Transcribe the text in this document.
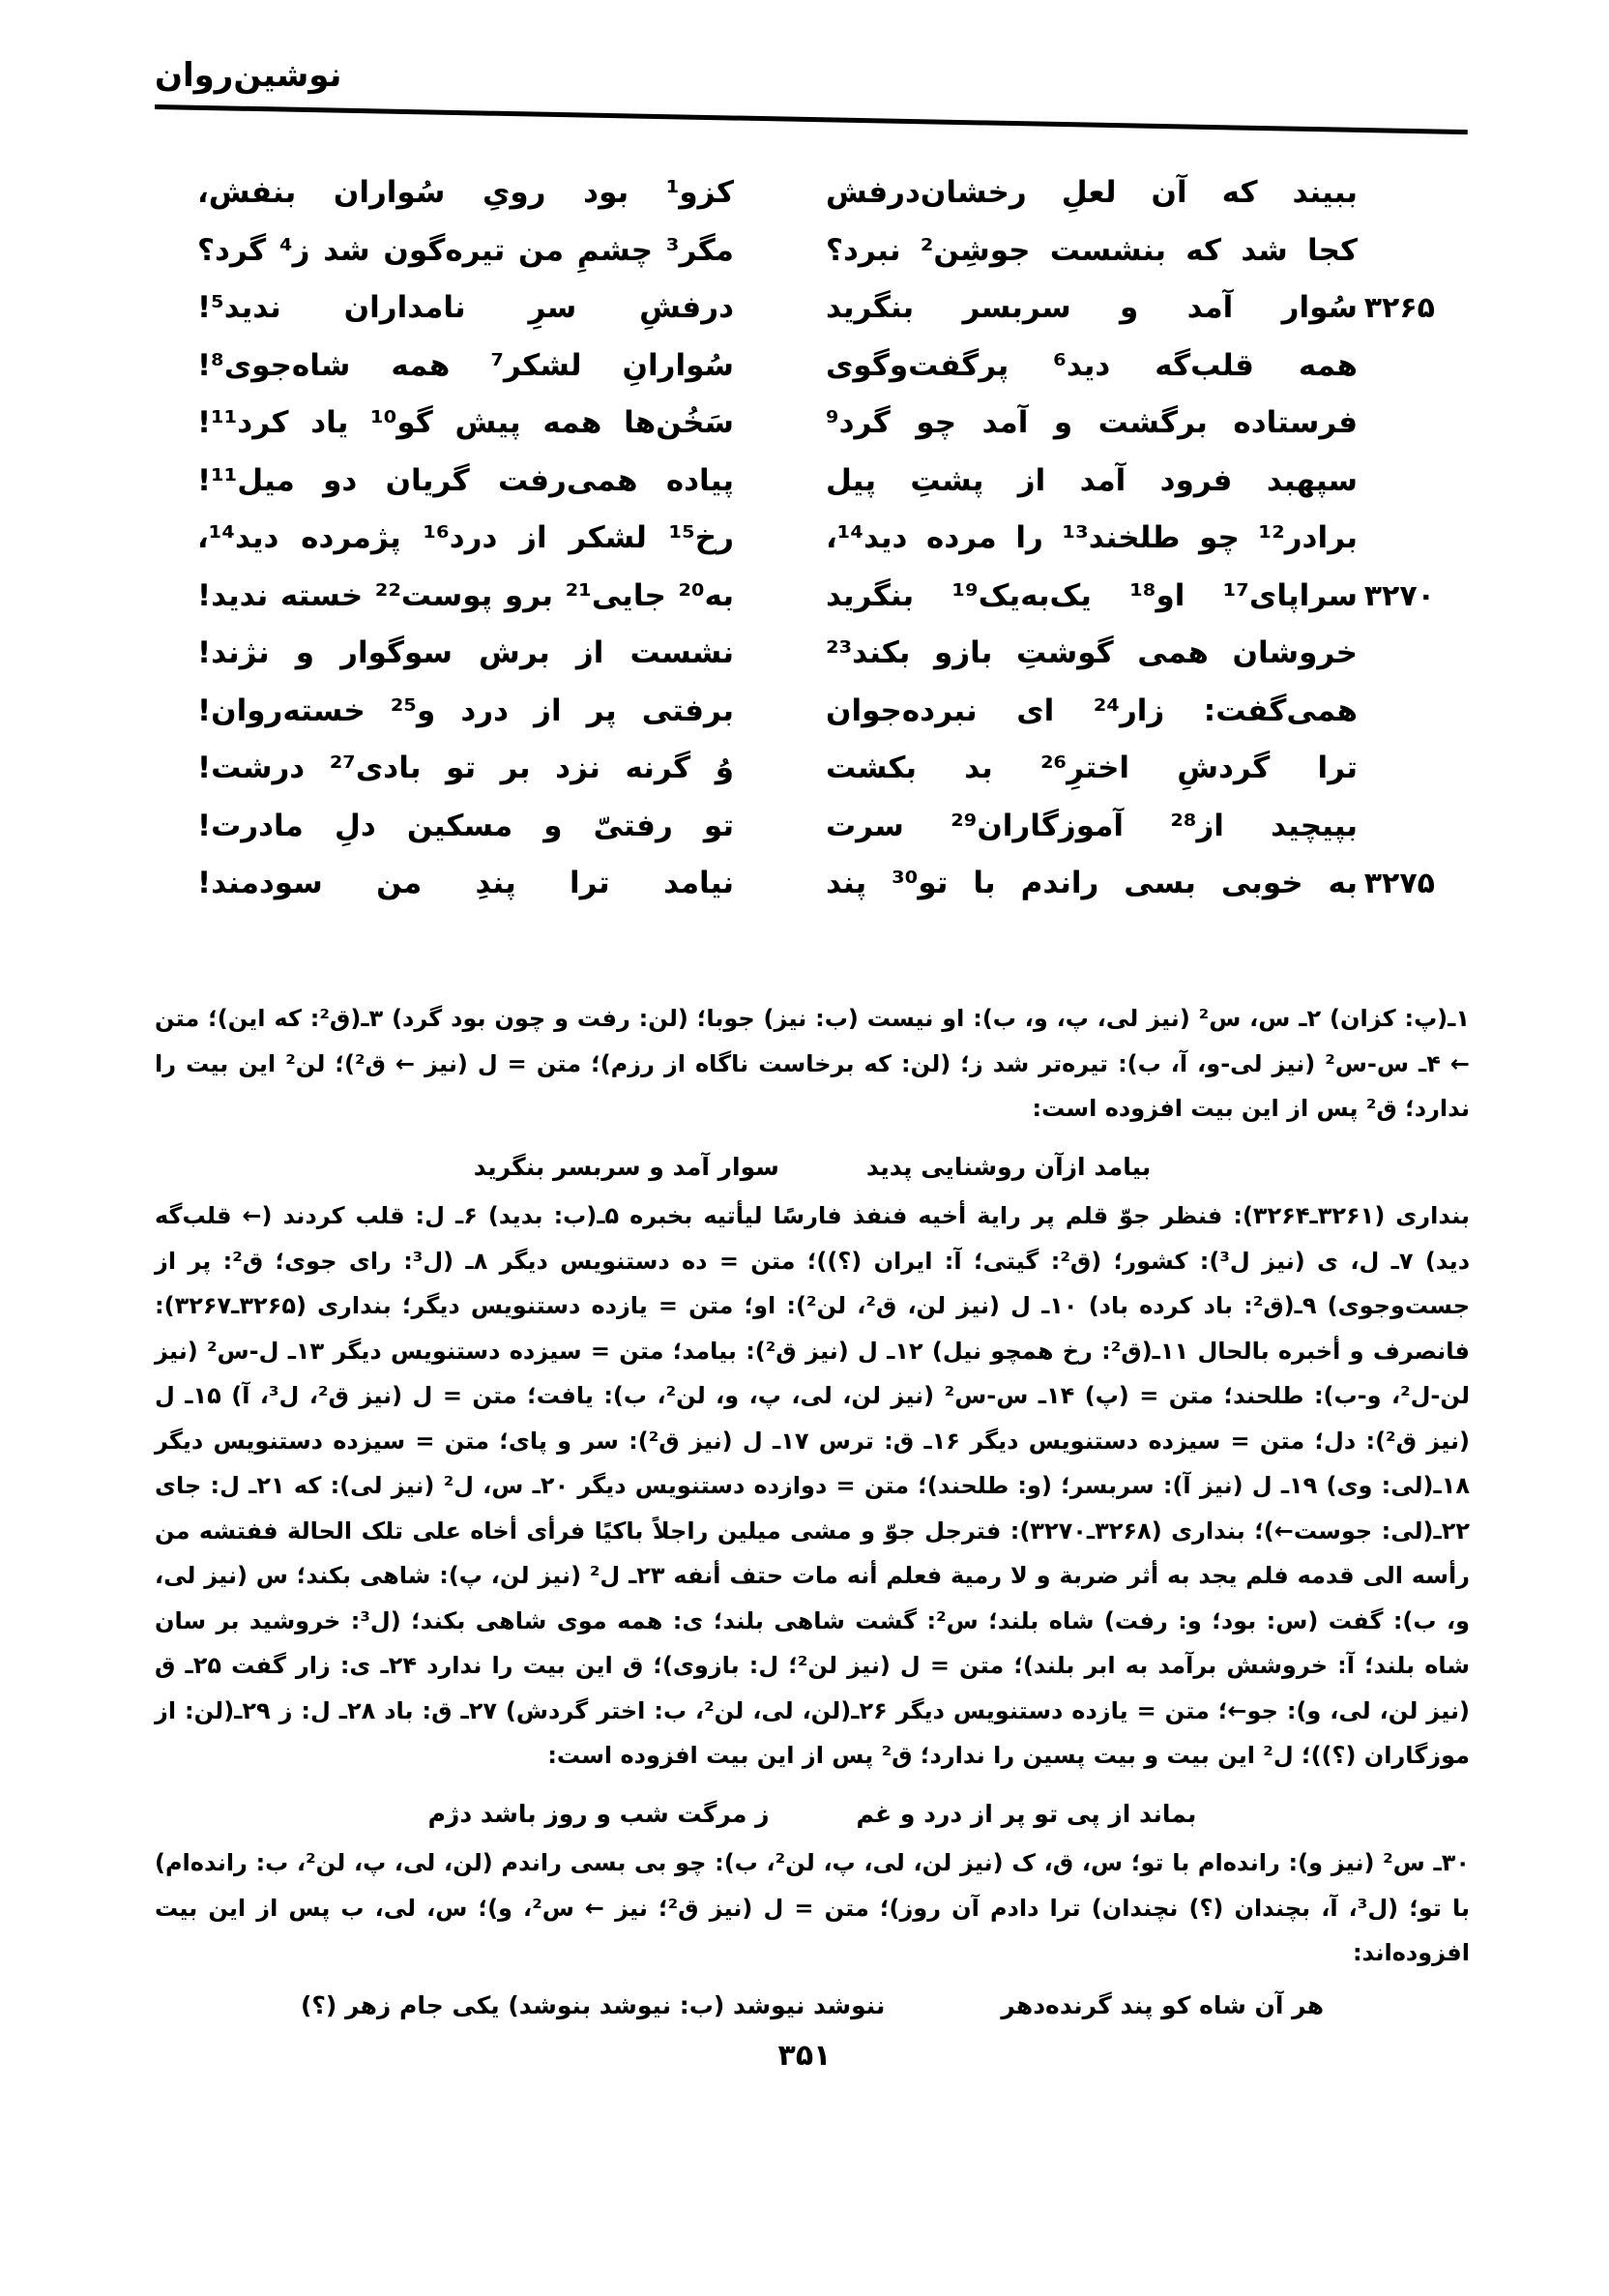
نوشین‌روان
ببیند که آن لعلِ رخشان‌درفش
کزو¹ بود رویِ سُواران بنفش،
کجا شد که بنشست جوشِن² نبرد؟
مگر³ چشمِ من تیره‌گون شد ز⁴ گرد؟
۳۲۶۵
سُوار آمد و سربسر بنگرید
درفشِ سرِ نامداران ندید⁵!
همه قلب‌گه دید⁶ پرگفت‌وگوی
سُوارانِ لشکر⁷ همه شاه‌جوی⁸!
فرستاده برگشت و آمد چو گرد⁹
سَخُن‌ها همه پیش گو¹⁰ یاد کرد¹¹!
سپهبد فرود آمد از پشتِ پیل
پیاده همی‌رفت گریان دو میل¹¹!
برادر¹² چو طلخند¹³ را مرده دید¹⁴،
رخ¹⁵ لشکر از درد¹⁶ پژمرده دید¹⁴،
۳۲۷۰
سراپای¹⁷ او¹⁸ یک‌به‌یک¹⁹ بنگرید
به²⁰ جایی²¹ برو پوست²² خسته ندید!
خروشان همی گوشتِ بازو بکند²³
نشست از برش سوگوار و نژند!
همی‌گفت: زار²⁴ ای نبرده‌جوان
برفتی پر از درد و²⁵ خسته‌روان!
ترا گردشِ اخترِ²⁶ بد بکشت
وُ گرنه نزد بر تو بادی²⁷ درشت!
بپیچید از²⁸ آموزگاران²⁹ سرت
تو رفتیّ و مسکین دلِ مادرت!
۳۲۷۵
به خوبی بسی راندم با تو³⁰ پند
نیامد ترا پندِ من سودمند!

۱ـ(پ: کزان) ۲ـ س، س² (نیز لی، پ، و، ب): او نیست (ب: نیز) جوبا؛ (لن: رفت و چون بود گرد) ۳ـ(ق²: که این)؛ متن ← ۴ـ س-س² (نیز لی-و، آ، ب): تیره‌تر شد ز؛ (لن: که برخاست ناگاه از رزم)؛ متن = ل (نیز ← ق²)؛ لن² این بیت را ندارد؛ ق² پس از این بیت افزوده است:

بیامد ازآن روشنایی پدید
سوار آمد و سربسر بنگرید

بنداری (۳۲۶۱ـ۳۲۶۴): فنظر جوّ قلم پر رایة أخیه فنفذ فارسًا لیأتیه بخبره ۵ـ(ب: بدید) ۶ـ ل: قلب کردند (← قلب‌گه دید) ۷ـ ل، ی (نیز ل³): کشور؛ (ق²: گیتی؛ آ: ایران (؟))؛ متن = ده دستنویس دیگر ۸ـ (ل³: رای جوی؛ ق²: پر از جست‌وجوی) ۹ـ(ق²: باد کرده باد) ۱۰ـ ل (نیز لن، ق²، لن²): او؛ متن = یازده دستنویس دیگر؛ بنداری (۳۲۶۵ـ۳۲۶۷): فانصرف و أخبره بالحال ۱۱ـ(ق²: رخ همچو نیل) ۱۲ـ ل (نیز ق²): بیامد؛ متن = سیزده دستنویس دیگر ۱۳ـ ل-س² (نیز لن-ل²، و-ب): طلحند؛ متن = (پ) ۱۴ـ س-س² (نیز لن، لی، پ، و، لن²، ب): یافت؛ متن = ل (نیز ق²، ل³، آ) ۱۵ـ ل (نیز ق²): دل؛ متن = سیزده دستنویس دیگر ۱۶ـ ق: ترس ۱۷ـ ل (نیز ق²): سر و پای؛ متن = سیزده دستنویس دیگر ۱۸ـ(لی: وی) ۱۹ـ ل (نیز آ): سربسر؛ (و: طلحند)؛ متن = دوازده دستنویس دیگر ۲۰ـ س، ل² (نیز لی): که ۲۱ـ ل: جای ۲۲ـ(لی: جوست←)؛ بنداری (۳۲۶۸ـ۳۲۷۰): فترجل جوّ و مشی میلین راجلاً باکیًا فرأی أخاه علی تلک الحالة ففتشه من رأسه الی قدمه فلم یجد به أثر ضربة و لا رمیة فعلم أنه مات حتف أنفه ۲۳ـ ل² (نیز لن، پ): شاهی بکند؛ س (نیز لی، و، ب): گفت (س: بود؛ و: رفت) شاه بلند؛ س²: گشت شاهی بلند؛ ی: همه موی شاهی بکند؛ (ل³: خروشید بر سان شاه بلند؛ آ: خروشش برآمد به ابر بلند)؛ متن = ل (نیز لن²؛ ل: بازوی)؛ ق این بیت را ندارد ۲۴ـ ی: زار گفت ۲۵ـ ق (نیز لن، لی، و): جو←؛ متن = یازده دستنویس دیگر ۲۶ـ(لن، لی، لن²، ب: اختر گردش) ۲۷ـ ق: باد ۲۸ـ ل: ز ۲۹ـ(لن: از موزگاران (؟))؛ ل² این بیت و بیت پسین را ندارد؛ ق² پس از این بیت افزوده است:

بماند از پی تو پر از درد و غم
ز مرگت شب و روز باشد دژم

۳۰ـ س² (نیز و): رانده‌ام با تو؛ س، ق، ک (نیز لن، لی، پ، لن²، ب): چو بی بسی راندم (لن، لی، پ، لن²، ب: رانده‌ام) با تو؛ (ل³، آ، بچندان (؟) نچندان) ترا دادم آن روز)؛ متن = ل (نیز ق²؛ نیز ← س²، و)؛ س، لی، ب پس از این بیت افزوده‌اند:

هر آن شاه کو پند گرنده‌دهر
ننوشد نیوشد (ب: نیوشد بنوشد) یکی جام زهر (؟)
۳۵۱
